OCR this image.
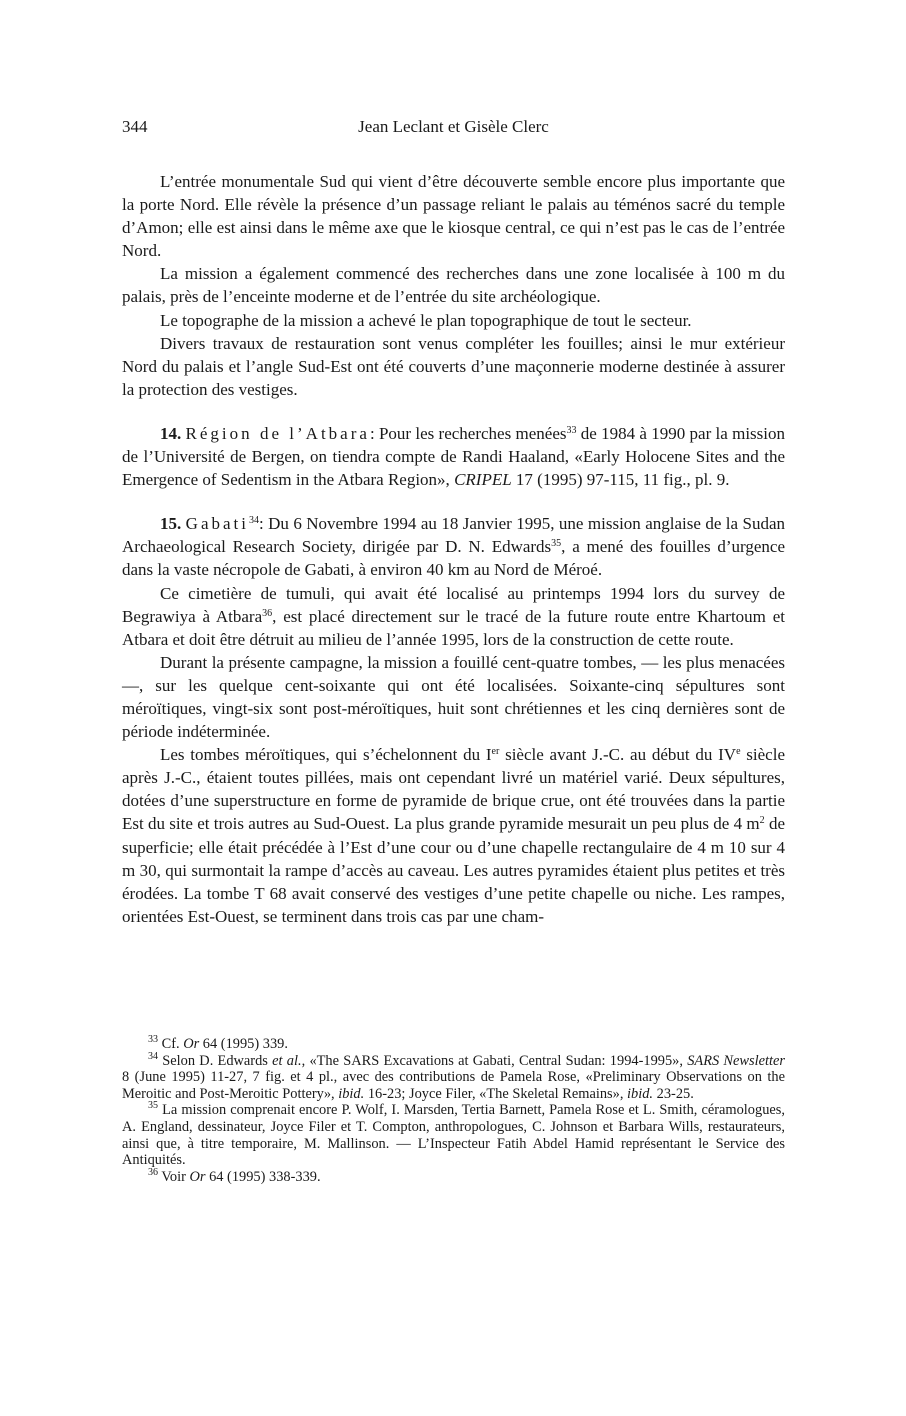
344	Jean Leclant et Gisèle Clerc

L’entrée monumentale Sud qui vient d’être découverte semble encore plus importante que la porte Nord. Elle révèle la présence d’un passage reliant le palais au téménos sacré du temple d’Amon; elle est ainsi dans le même axe que le kiosque central, ce qui n’est pas le cas de l’entrée Nord.

La mission a également commencé des recherches dans une zone localisée à 100 m du palais, près de l’enceinte moderne et de l’entrée du site archéologique.

Le topographe de la mission a achevé le plan topographique de tout le secteur.

Divers travaux de restauration sont venus compléter les fouilles; ainsi le mur extérieur Nord du palais et l’angle Sud-Est ont été couverts d’une maçonnerie moderne destinée à assurer la protection des vestiges.

14. Région de l’Atbara: Pour les recherches menées$^{33}$ de 1984 à 1990 par la mission de l’Université de Bergen, on tiendra compte de Randi Haaland, «Early Holocene Sites and the Emergence of Sedentism in the Atbara Region», CRIPEL 17 (1995) 97-115, 11 fig., pl. 9.

15. Gabati$^{34}$: Du 6 Novembre 1994 au 18 Janvier 1995, une mission anglaise de la Sudan Archaeological Research Society, dirigée par D. N. Edwards$^{35}$, a mené des fouilles d’urgence dans la vaste nécropole de Gabati, à environ 40 km au Nord de Méroé.

Ce cimetière de tumuli, qui avait été localisé au printemps 1994 lors du survey de Begrawiya à Atbara$^{36}$, est placé directement sur le tracé de la future route entre Khartoum et Atbara et doit être détruit au milieu de l’année 1995, lors de la construction de cette route.

Durant la présente campagne, la mission a fouillé cent-quatre tombes, — les plus menacées —, sur les quelque cent-soixante qui ont été localisées. Soixante-cinq sépultures sont méroïtiques, vingt-six sont post-méroïtiques, huit sont chrétiennes et les cinq dernières sont de période indéterminée.

Les tombes méroïtiques, qui s’échelonnent du Ier siècle avant J.-C. au début du IVe siècle après J.-C., étaient toutes pillées, mais ont cependant livré un matériel varié. Deux sépultures, dotées d’une superstructure en forme de pyramide de brique crue, ont été trouvées dans la partie Est du site et trois autres au Sud-Ouest. La plus grande pyramide mesurait un peu plus de 4 $m^2$ de superficie; elle était précédée à l’Est d’une cour ou d’une chapelle rectangulaire de 4 m 10 sur 4 m 30, qui surmontait la rampe d’accès au caveau. Les autres pyramides étaient plus petites et très érodées. La tombe T 68 avait conservé des vestiges d’une petite chapelle ou niche. Les rampes, orientées Est-Ouest, se terminent dans trois cas par une cham-

$^{33}$ Cf. Or 64 (1995) 339.

$^{34}$ Selon D. Edwards et al., «The SARS Excavations at Gabati, Central Sudan: 1994-1995», SARS Newsletter 8 (June 1995) 11-27, 7 fig. et 4 pl., avec des contributions de Pamela Rose, «Preliminary Observations on the Meroitic and Post-Meroitic Pottery», ibid. 16-23; Joyce Filer, «The Skeletal Remains», ibid. 23-25.

$^{35}$ La mission comprenait encore P. Wolf, I. Marsden, Tertia Barnett, Pamela Rose et L. Smith, céramologues, A. England, dessinateur, Joyce Filer et T. Compton, anthropologues, C. Johnson et Barbara Wills, restaurateurs, ainsi que, à titre temporaire, M. Mallinson. — L’Inspecteur Fatih Abdel Hamid représentant le Service des Antiquités.

$^{36}$ Voir Or 64 (1995) 338-339.
